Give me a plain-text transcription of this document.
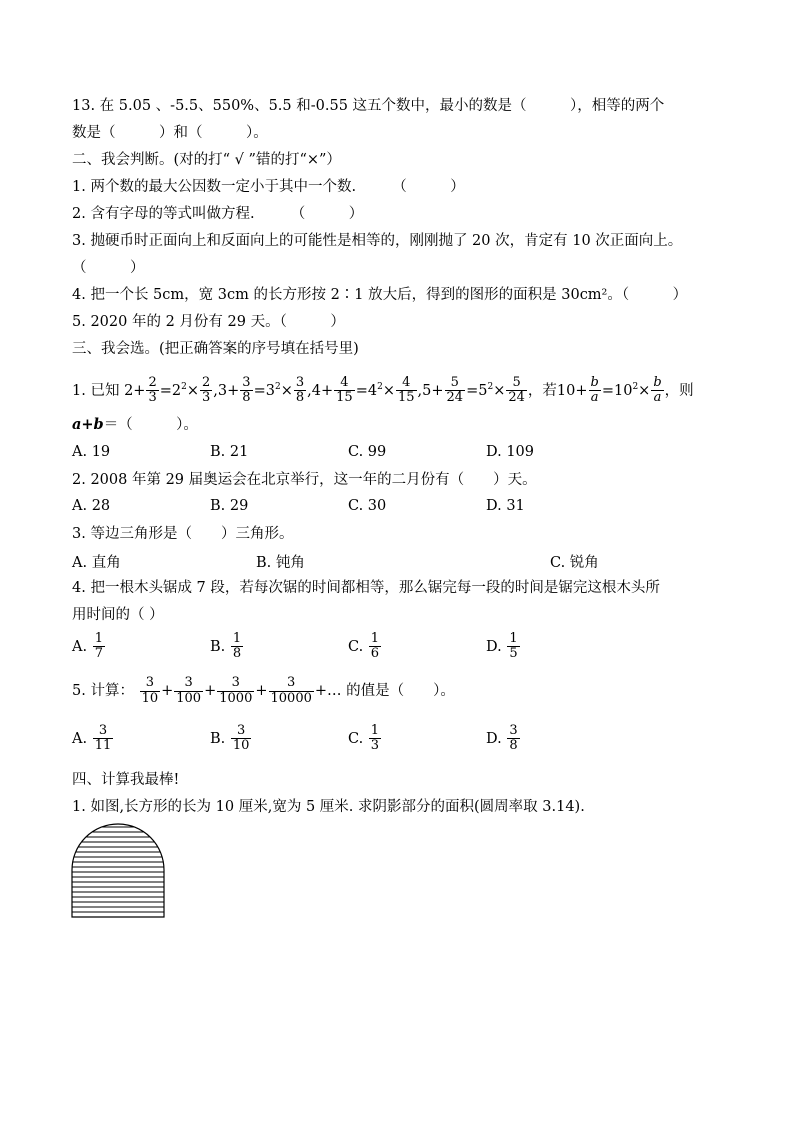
13. 在 5.05 、-5.5、550%、5.5 和-0.55 这五个数中，最小的数是（　　　），相等的两个
数是（　　　）和（　　　）。
二、我会判断。(对的打“ √ ”错的打“×”）
1. 两个数的最大公因数一定小于其中一个数.　　　（　　　）
2. 含有字母的等式叫做方程.　　　（　　　）
3. 抛硬币时正面向上和反面向上的可能性是相等的，刚刚抛了 20 次，肯定有 10 次正面向上。
（　　　）
4. 把一个长 5cm，宽 3cm 的长方形按 2∶1 放大后，得到的图形的面积是 30cm²。（　　　）
5. 2020 年的 2 月份有 29 天。（　　　）
三、我会选。(把正确答案的序号填在括号里)
1. 已知 $2+ \frac{2}{3} =2^2\times \frac{2}{3} ,3+ \frac{3}{8} =3^2\times \frac{3}{8} ,4+ \frac{4}{15} =4^2\times \frac{4}{15} ,5+ \frac{5}{24} =5^2\times \frac{5}{24}$ ，若$10+ \frac{b}{a} =10^2\times \frac{b}{a}$ ，则
a+b＝（　　　）。
A. 19	B. 21	C. 99	D. 109
2. 2008 年第 29 届奥运会在北京举行，这一年的二月份有（　　）天。
A. 28	B. 29	C. 30	D. 31
3. 等边三角形是（　　）三角形。
A. 直角	B. 钝角	C. 锐角
4. 把一根木头锯成 7 段，若每次锯的时间都相等，那么锯完每一段的时间是锯完这根木头所
用时间的（ ）
A. $\frac{1}{7}$	B. $\frac{1}{8}$	C. $\frac{1}{6}$	D. $\frac{1}{5}$
5. 计算： $\frac{3}{10} + \frac{3}{100} + \frac{3}{1000} + \frac{3}{10000}$ +… 的值是（　　）。
A. $\frac{3}{11}$	B. $\frac{3}{10}$	C. $\frac{1}{3}$	D. $\frac{3}{8}$
四、计算我最棒!
1. 如图,长方形的长为 10 厘米,宽为 5 厘米. 求阴影部分的面积(圆周率取 3.14).
